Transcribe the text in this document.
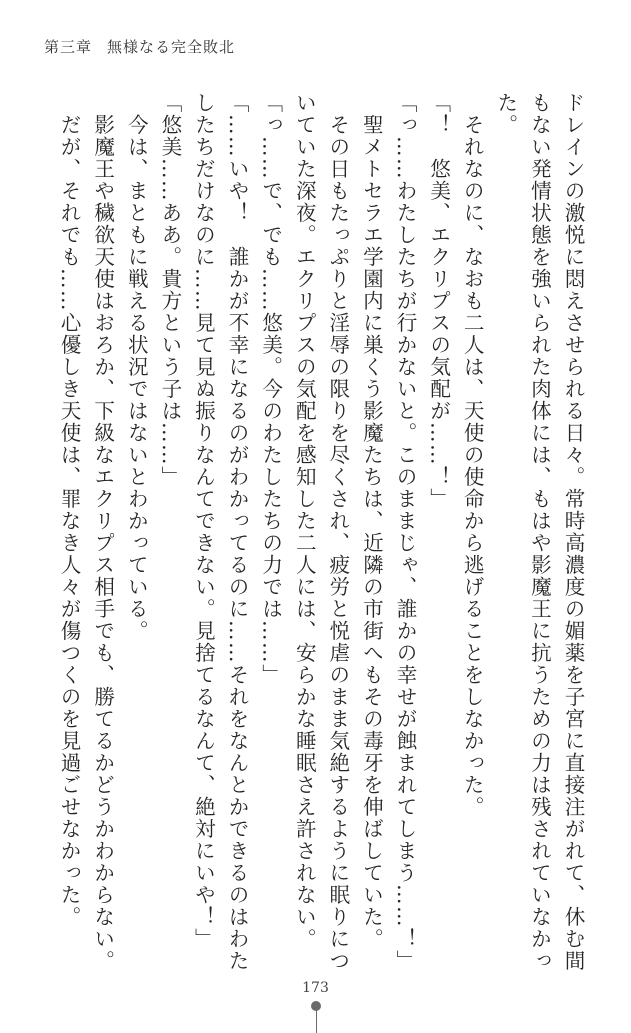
第三章 無様なる完全敗北

ドレインの激悦に悶えさせられる日々。常時高濃度の媚薬を子宮に直接注がれて、休む間

もない発情状態を強いられた肉体には、もはや影魔王に抗うための力は残されていなかっ

た。

　それなのに、なおも二人は、天使の使命から逃げることをしなかった。

「！　悠美、エクリプスの気配が……！」

「っ……わたしたちが行かないと。このままじゃ、誰かの幸せが蝕まれてしまう……！」

　聖メトセラエ学園内に巣くう影魔たちは、近隣の市街へもその毒牙を伸ばしていた。

　その日もたっぷりと淫辱の限りを尽くされ、疲労と悦虐のまま気絶するように眠りにつ

いていた深夜。エクリプスの気配を感知した二人には、安らかな睡眠さえ許されない。

「っ……で、でも……悠美。今のわたしたちの力では……」

「……いや！　誰かが不幸になるのがわかってるのに……それをなんとかできるのはわた

したちだけなのに……見て見ぬ振りなんてできない。見捨てるなんて、絶対にいや！」

「悠美……ああ。貴方という子は……」

　今は、まともに戦える状況ではないとわかっている。

　影魔王や穢欲天使はおろか、下級なエクリプス相手でも、勝てるかどうかわからない。

　だが、それでも……心優しき天使は、罪なき人々が傷つくのを見過ごせなかった。

173
